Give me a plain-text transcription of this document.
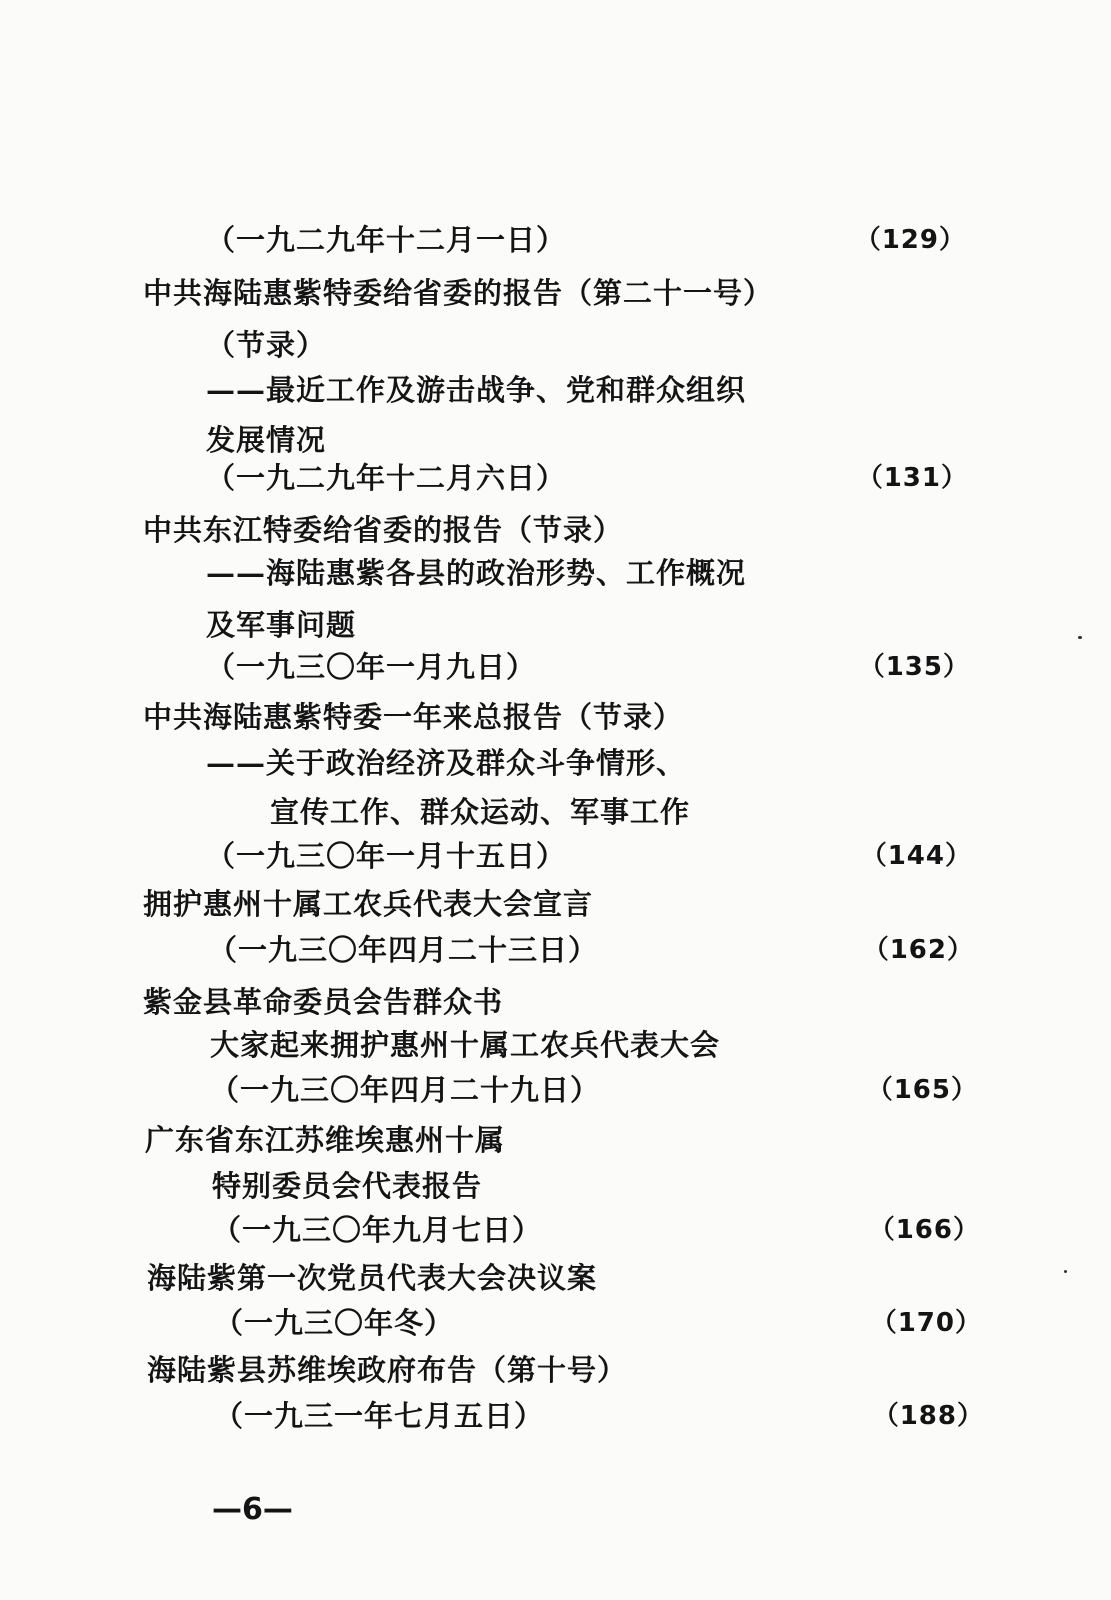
（一九二九年十二月一日）	（129）
中共海陆惠紫特委给省委的报告（第二十一号）
（节录）
——最近工作及游击战争、党和群众组织
发展情况
（一九二九年十二月六日）	（131）
中共东江特委给省委的报告（节录）
——海陆惠紫各县的政治形势、工作概况
及军事问题
（一九三〇年一月九日）	（135）
中共海陆惠紫特委一年来总报告（节录）
——关于政治经济及群众斗争情形、
宣传工作、群众运动、军事工作
（一九三〇年一月十五日）	（144）
拥护惠州十属工农兵代表大会宣言
（一九三〇年四月二十三日）	（162）
紫金县革命委员会告群众书
大家起来拥护惠州十属工农兵代表大会
（一九三〇年四月二十九日）	（165）
广东省东江苏维埃惠州十属
特别委员会代表报告
（一九三〇年九月七日）	（166）
海陆紫第一次党员代表大会决议案
（一九三〇年冬）	（170）
海陆紫县苏维埃政府布告（第十号）
（一九三一年七月五日）	（188）
—6—
